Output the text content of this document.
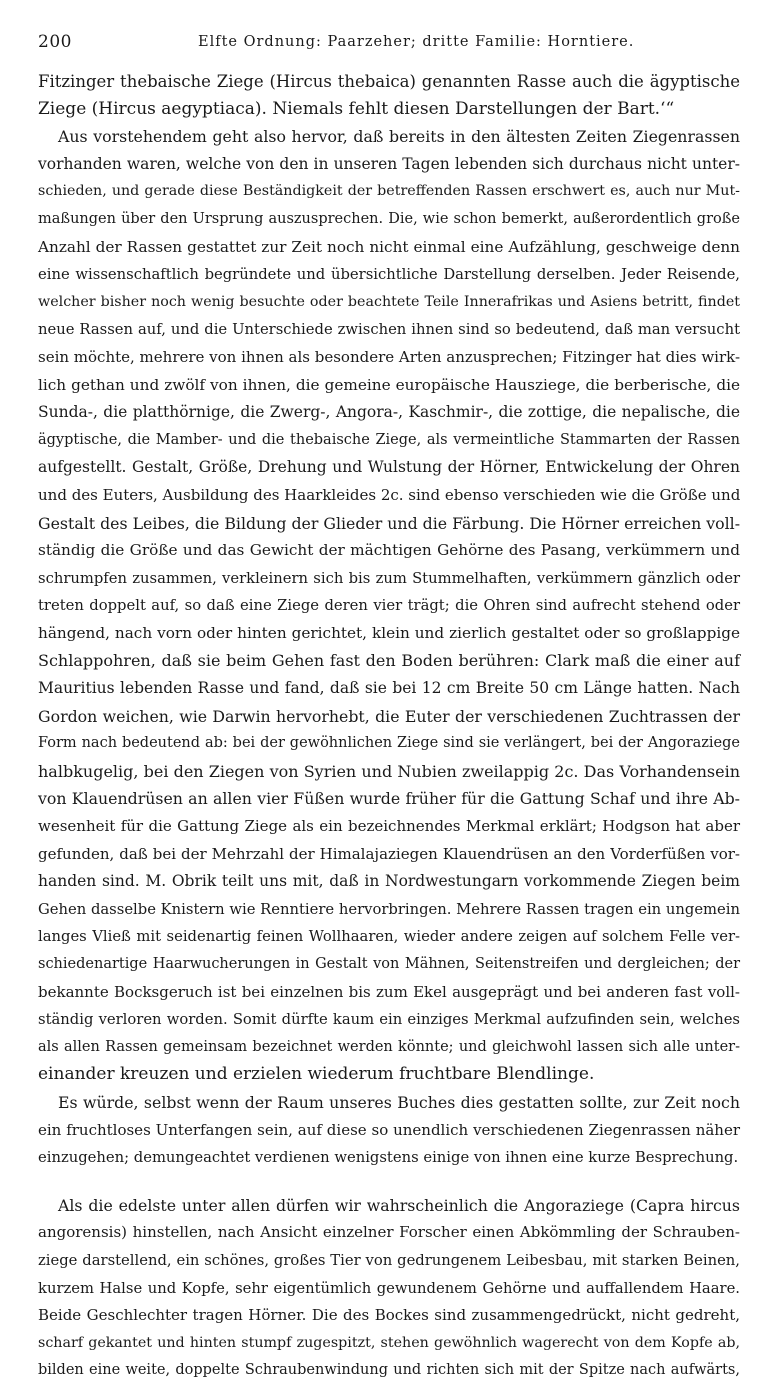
200	Elfte Ordnung: Paarzeher; dritte Familie: Horntiere.
Fitzinger thebaische Ziege (Hircus thebaica) genannten Rasse auch die ägyptische
Ziege (Hircus aegyptiaca). Niemals fehlt diesen Darstellungen der Bart.‘“
Aus vorstehendem geht also hervor, daß bereits in den ältesten Zeiten Ziegenrassen
vorhanden waren, welche von den in unseren Tagen lebenden sich durchaus nicht unter-
schieden, und gerade diese Beständigkeit der betreffenden Rassen erschwert es, auch nur Mut-
maßungen über den Ursprung auszusprechen. Die, wie schon bemerkt, außerordentlich große
Anzahl der Rassen gestattet zur Zeit noch nicht einmal eine Aufzählung, geschweige denn
eine wissenschaftlich begründete und übersichtliche Darstellung derselben. Jeder Reisende,
welcher bisher noch wenig besuchte oder beachtete Teile Innerafrikas und Asiens betritt, findet
neue Rassen auf, und die Unterschiede zwischen ihnen sind so bedeutend, daß man versucht
sein möchte, mehrere von ihnen als besondere Arten anzusprechen; Fitzinger hat dies wirk-
lich gethan und zwölf von ihnen, die gemeine europäische Hausziege, die berberische, die
Sunda-, die platthörnige, die Zwerg-, Angora-, Kaschmir-, die zottige, die nepalische, die
ägyptische, die Mamber- und die thebaische Ziege, als vermeintliche Stammarten der Rassen
aufgestellt. Gestalt, Größe, Drehung und Wulstung der Hörner, Entwickelung der Ohren
und des Euters, Ausbildung des Haarkleides 2c. sind ebenso verschieden wie die Größe und
Gestalt des Leibes, die Bildung der Glieder und die Färbung. Die Hörner erreichen voll-
ständig die Größe und das Gewicht der mächtigen Gehörne des Pasang, verkümmern und
schrumpfen zusammen, verkleinern sich bis zum Stummelhaften, verkümmern gänzlich oder
treten doppelt auf, so daß eine Ziege deren vier trägt; die Ohren sind aufrecht stehend oder
hängend, nach vorn oder hinten gerichtet, klein und zierlich gestaltet oder so großlappige
Schlappohren, daß sie beim Gehen fast den Boden berühren: Clark maß die einer auf
Mauritius lebenden Rasse und fand, daß sie bei 12 cm Breite 50 cm Länge hatten. Nach
Gordon weichen, wie Darwin hervorhebt, die Euter der verschiedenen Zuchtrassen der
Form nach bedeutend ab: bei der gewöhnlichen Ziege sind sie verlängert, bei der Angoraziege
halbkugelig, bei den Ziegen von Syrien und Nubien zweilappig 2c. Das Vorhandensein
von Klauendrüsen an allen vier Füßen wurde früher für die Gattung Schaf und ihre Ab-
wesenheit für die Gattung Ziege als ein bezeichnendes Merkmal erklärt; Hodgson hat aber
gefunden, daß bei der Mehrzahl der Himalajaziegen Klauendrüsen an den Vorderfüßen vor-
handen sind. M. Obrik teilt uns mit, daß in Nordwestungarn vorkommende Ziegen beim
Gehen dasselbe Knistern wie Renntiere hervorbringen. Mehrere Rassen tragen ein ungemein
langes Vließ mit seidenartig feinen Wollhaaren, wieder andere zeigen auf solchem Felle ver-
schiedenartige Haarwucherungen in Gestalt von Mähnen, Seitenstreifen und dergleichen; der
bekannte Bocksgeruch ist bei einzelnen bis zum Ekel ausgeprägt und bei anderen fast voll-
ständig verloren worden. Somit dürfte kaum ein einziges Merkmal aufzufinden sein, welches
als allen Rassen gemeinsam bezeichnet werden könnte; und gleichwohl lassen sich alle unter-
einander kreuzen und erzielen wiederum fruchtbare Blendlinge.
Es würde, selbst wenn der Raum unseres Buches dies gestatten sollte, zur Zeit noch
ein fruchtloses Unterfangen sein, auf diese so unendlich verschiedenen Ziegenrassen näher
einzugehen; demungeachtet verdienen wenigstens einige von ihnen eine kurze Besprechung.
Als die edelste unter allen dürfen wir wahrscheinlich die Angoraziege (Capra hircus
angorensis) hinstellen, nach Ansicht einzelner Forscher einen Abkömmling der Schrauben-
ziege darstellend, ein schönes, großes Tier von gedrungenem Leibesbau, mit starken Beinen,
kurzem Halse und Kopfe, sehr eigentümlich gewundenem Gehörne und auffallendem Haare.
Beide Geschlechter tragen Hörner. Die des Bockes sind zusammengedrückt, nicht gedreht,
scharf gekantet und hinten stumpf zugespitzt, stehen gewöhnlich wagerecht von dem Kopfe ab,
bilden eine weite, doppelte Schraubenwindung und richten sich mit der Spitze nach aufwärts,
